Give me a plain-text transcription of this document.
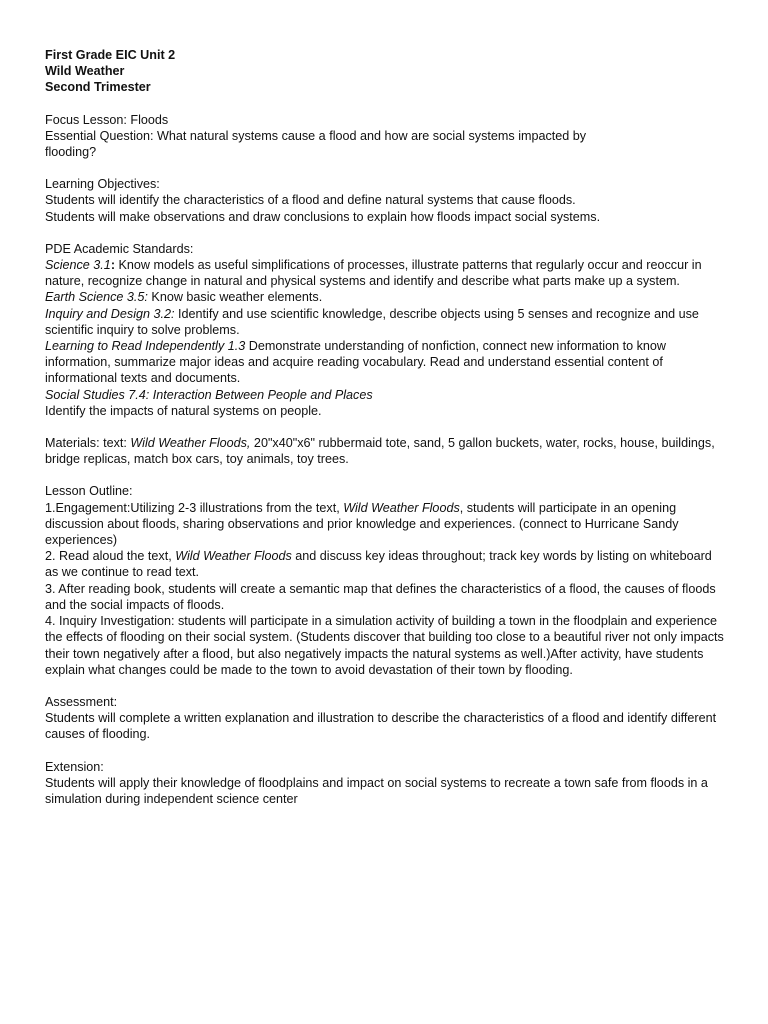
First Grade EIC Unit 2
Wild Weather
Second Trimester

Focus Lesson: Floods

Essential Question: What natural systems cause a flood and how are social systems impacted by flooding?

Learning Objectives:

Students will identify the characteristics of a flood and define natural systems that cause floods.

Students will make observations and draw conclusions to explain how floods impact social systems.

PDE Academic Standards:

Science 3.1: Know models as useful simplifications of processes, illustrate patterns that regularly occur and reoccur in nature, recognize change in natural and physical systems and identify and describe what parts make up a system.

Earth Science 3.5: Know basic weather elements.

Inquiry and Design 3.2: Identify and use scientific knowledge, describe objects using 5 senses and recognize and use scientific inquiry to solve problems.

Learning to Read Independently 1.3 Demonstrate understanding of nonfiction, connect new information to know information, summarize major ideas and acquire reading vocabulary. Read and understand essential content of informational texts and documents.

Social Studies 7.4: Interaction Between People and Places

Identify the impacts of natural systems on people.

Materials: text: Wild Weather Floods, 20"x40"x6" rubbermaid tote, sand, 5 gallon buckets, water, rocks, house, buildings, bridge replicas, match box cars, toy animals, toy trees.

Lesson Outline:

1.Engagement:Utilizing 2-3 illustrations from the text, Wild Weather Floods, students will participate in an opening discussion about floods, sharing observations and prior knowledge and experiences. (connect to Hurricane Sandy experiences)

2. Read aloud the text, Wild Weather Floods and discuss key ideas throughout; track key words by listing on whiteboard as we continue to read text.

3. After reading book, students will create a semantic map that defines the characteristics of a flood, the causes of floods and the social impacts of floods.

4. Inquiry Investigation: students will participate in a simulation activity of building a town in the floodplain and experience the effects of flooding on their social system. (Students discover that building too close to a beautiful river not only impacts their town negatively after a flood, but also negatively impacts the natural systems as well.)After activity, have students explain what changes could be made to the town to avoid devastation of their town by flooding.

Assessment:

Students will complete a written explanation and illustration to describe the characteristics of a flood and identify different causes of flooding.

Extension:

Students will apply their knowledge of floodplains and impact on social systems to recreate a town safe from floods in a simulation during independent science center
